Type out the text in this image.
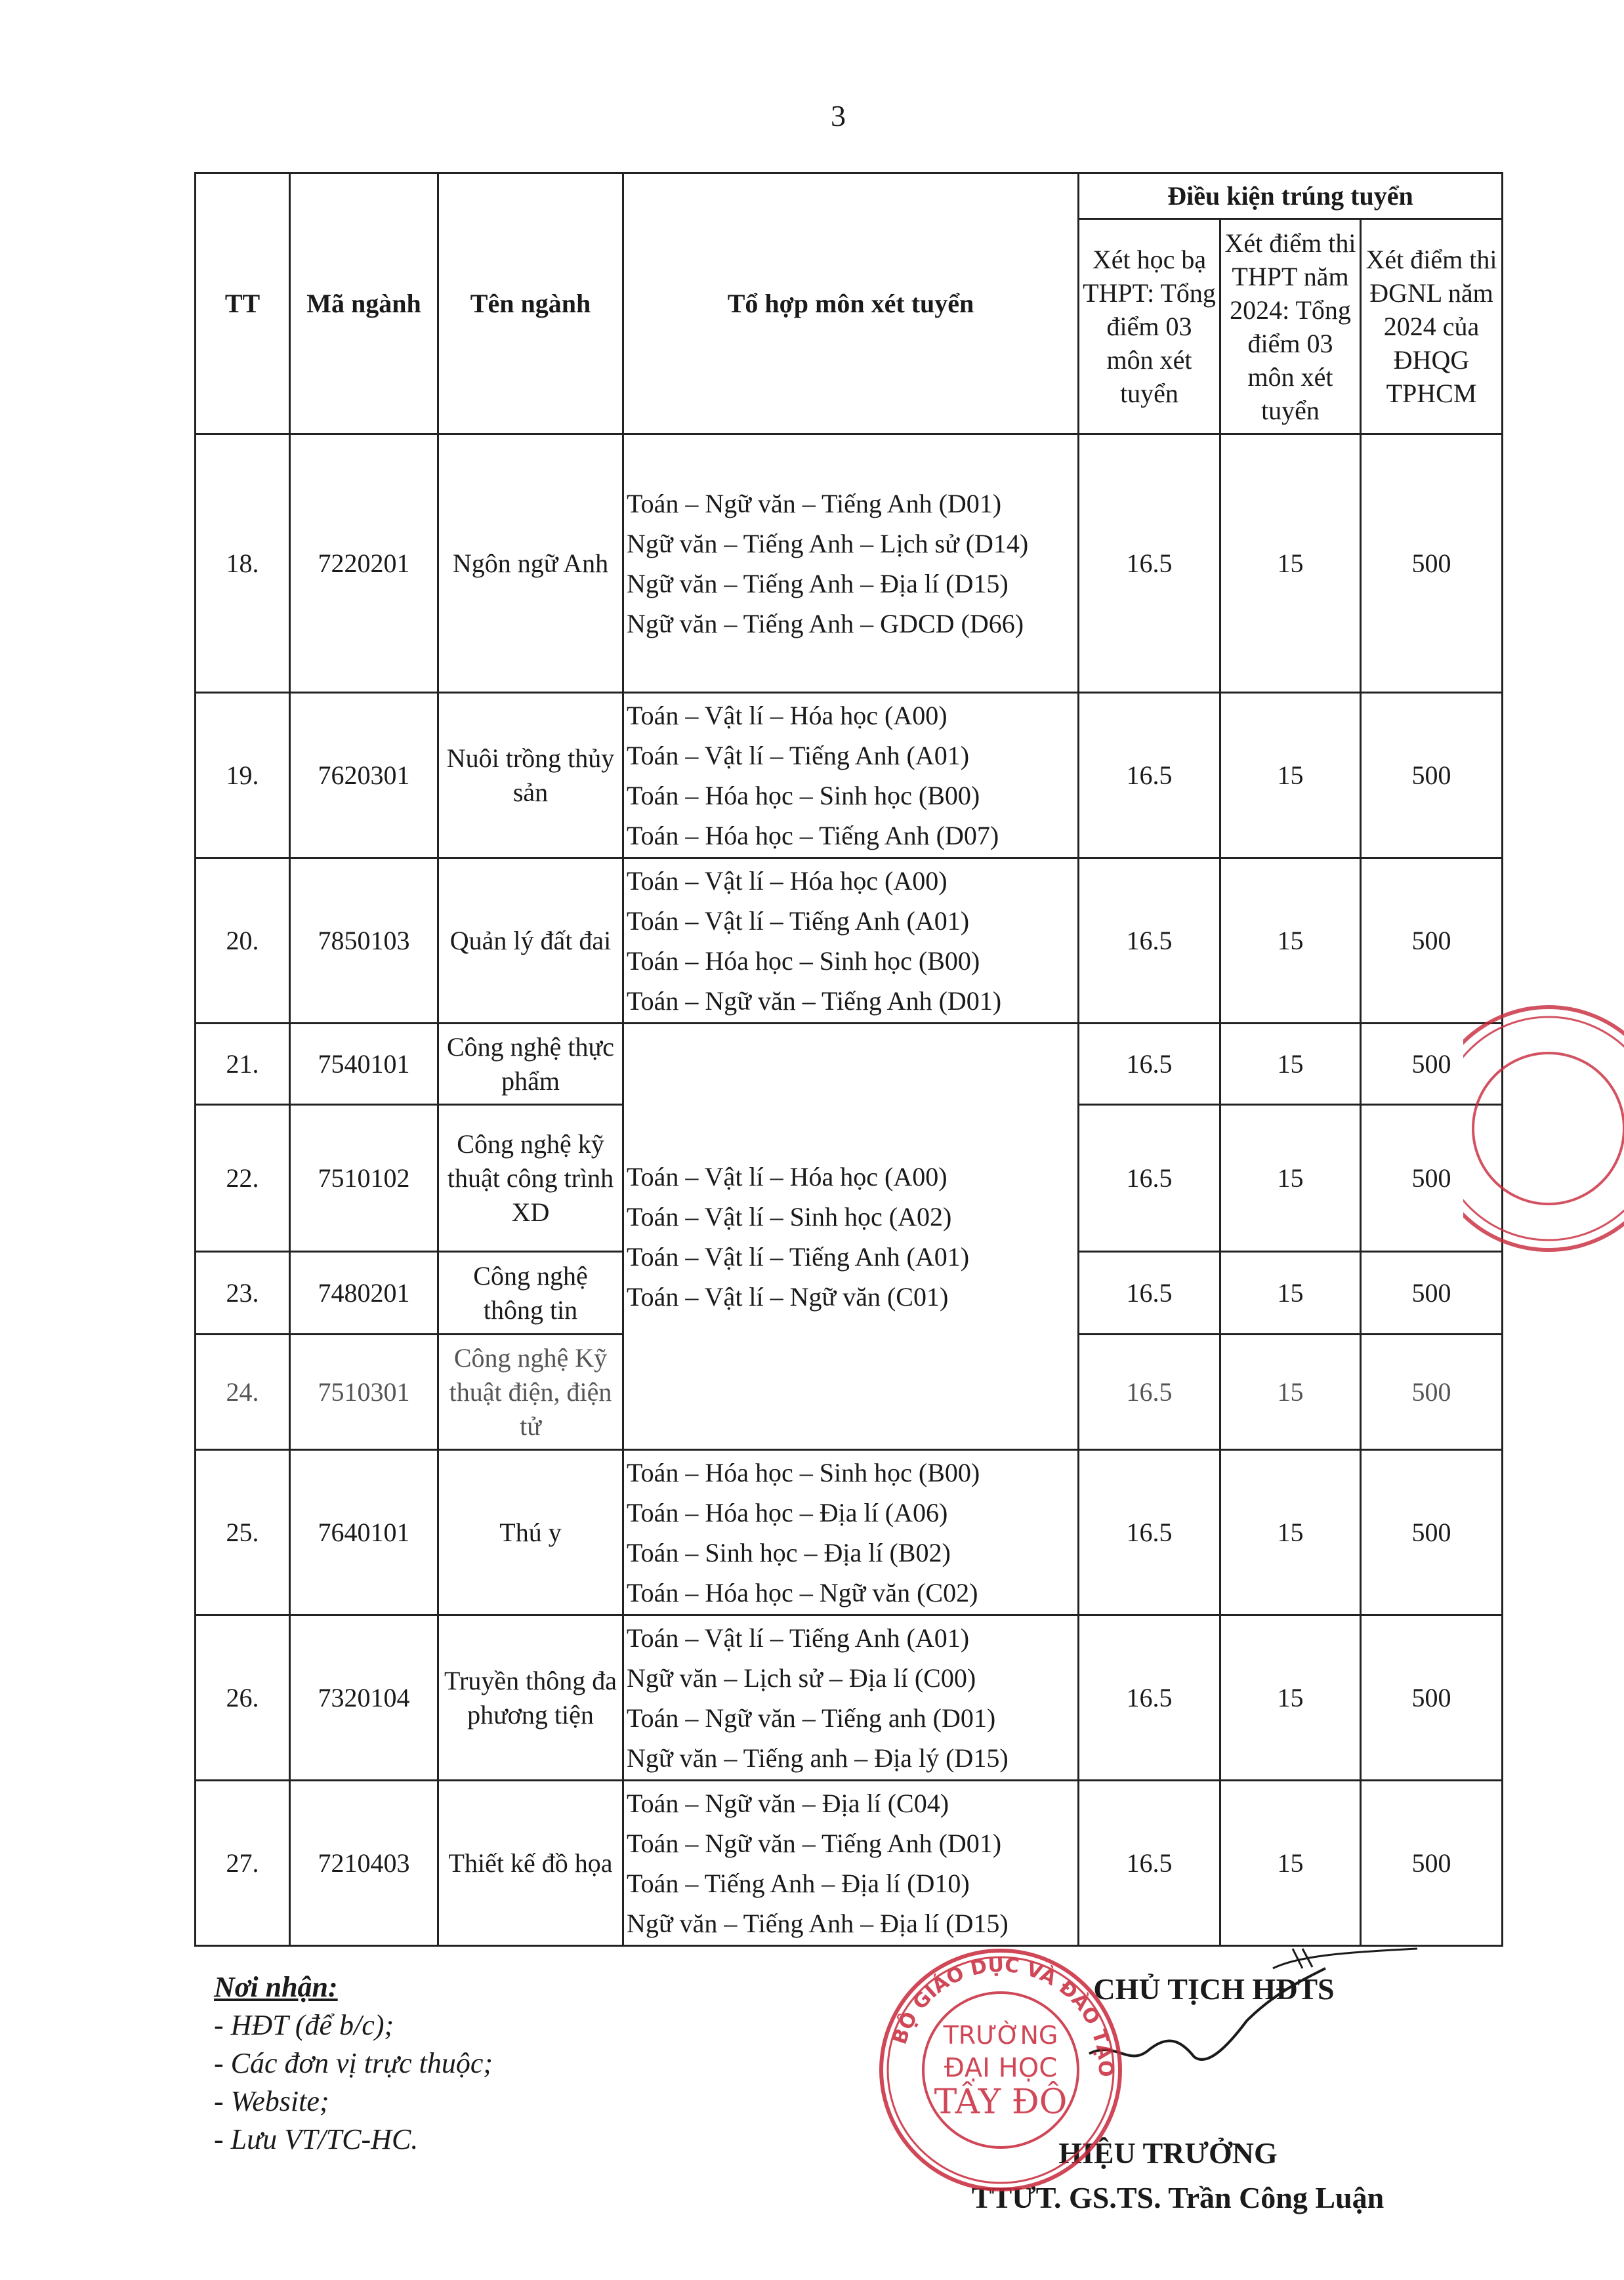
3
TT	Mã ngành	Tên ngành	Tổ hợp môn xét tuyển	Điều kiện trúng tuyển		
				Xét học bạ THPT: Tổng điểm 03 môn xét tuyển	Xét điểm thi THPT năm 2024: Tổng điểm 03 môn xét tuyển	Xét điểm thi ĐGNL năm 2024 của ĐHQG TPHCM
18.	7220201	Ngôn ngữ Anh	Toán – Ngữ văn – Tiếng Anh (D01)
Ngữ văn – Tiếng Anh – Lịch sử (D14)
Ngữ văn – Tiếng Anh – Địa lí (D15)
Ngữ văn – Tiếng Anh – GDCD (D66)	16.5	15	500
19.	7620301	Nuôi trồng thủy sản	Toán – Vật lí – Hóa học (A00)
Toán – Vật lí – Tiếng Anh (A01)
Toán – Hóa học – Sinh học (B00)
Toán – Hóa học – Tiếng Anh (D07)	16.5	15	500
20.	7850103	Quản lý đất đai	Toán – Vật lí – Hóa học (A00)
Toán – Vật lí – Tiếng Anh (A01)
Toán – Hóa học – Sinh học (B00)
Toán – Ngữ văn – Tiếng Anh (D01)	16.5	15	500
21.	7540101	Công nghệ thực phẩm	Toán – Vật lí – Hóa học (A00)
Toán – Vật lí – Sinh học (A02)
Toán – Vật lí – Tiếng Anh (A01)
Toán – Vật lí – Ngữ văn (C01)	16.5	15	500
22.	7510102	Công nghệ kỹ thuật công trình XD		16.5	15	500
23.	7480201	Công nghệ thông tin		16.5	15	500
24.	7510301	Công nghệ Kỹ thuật điện, điện tử		16.5	15	500
25.	7640101	Thú y	Toán – Hóa học – Sinh học (B00)
Toán – Hóa học – Địa lí (A06)
Toán – Sinh học – Địa lí (B02)
Toán – Hóa học – Ngữ văn (C02)	16.5	15	500
26.	7320104	Truyền thông đa phương tiện	Toán – Vật lí – Tiếng Anh (A01)
Ngữ văn – Lịch sử – Địa lí (C00)
Toán – Ngữ văn – Tiếng anh (D01)
Ngữ văn – Tiếng anh – Địa lý (D15)	16.5	15	500
27.	7210403	Thiết kế đồ họa	Toán – Ngữ văn – Địa lí (C04)
Toán – Ngữ văn – Tiếng Anh (D01)
Toán – Tiếng Anh – Địa lí (D10)
Ngữ văn – Tiếng Anh – Địa lí (D15)	16.5	15	500
Nơi nhận:
- HĐT (để b/c);
- Các đơn vị trực thuộc;
- Website;
- Lưu VT/TC-HC.
CHỦ TỊCH HĐTS
HIỆU TRƯỞNG
TTƯT. GS.TS. Trần Công Luận
BỘ GIÁO DỤC VÀ ĐÀO TẠO
TRƯỜNG
ĐẠI HỌC
TÂY ĐÔ
